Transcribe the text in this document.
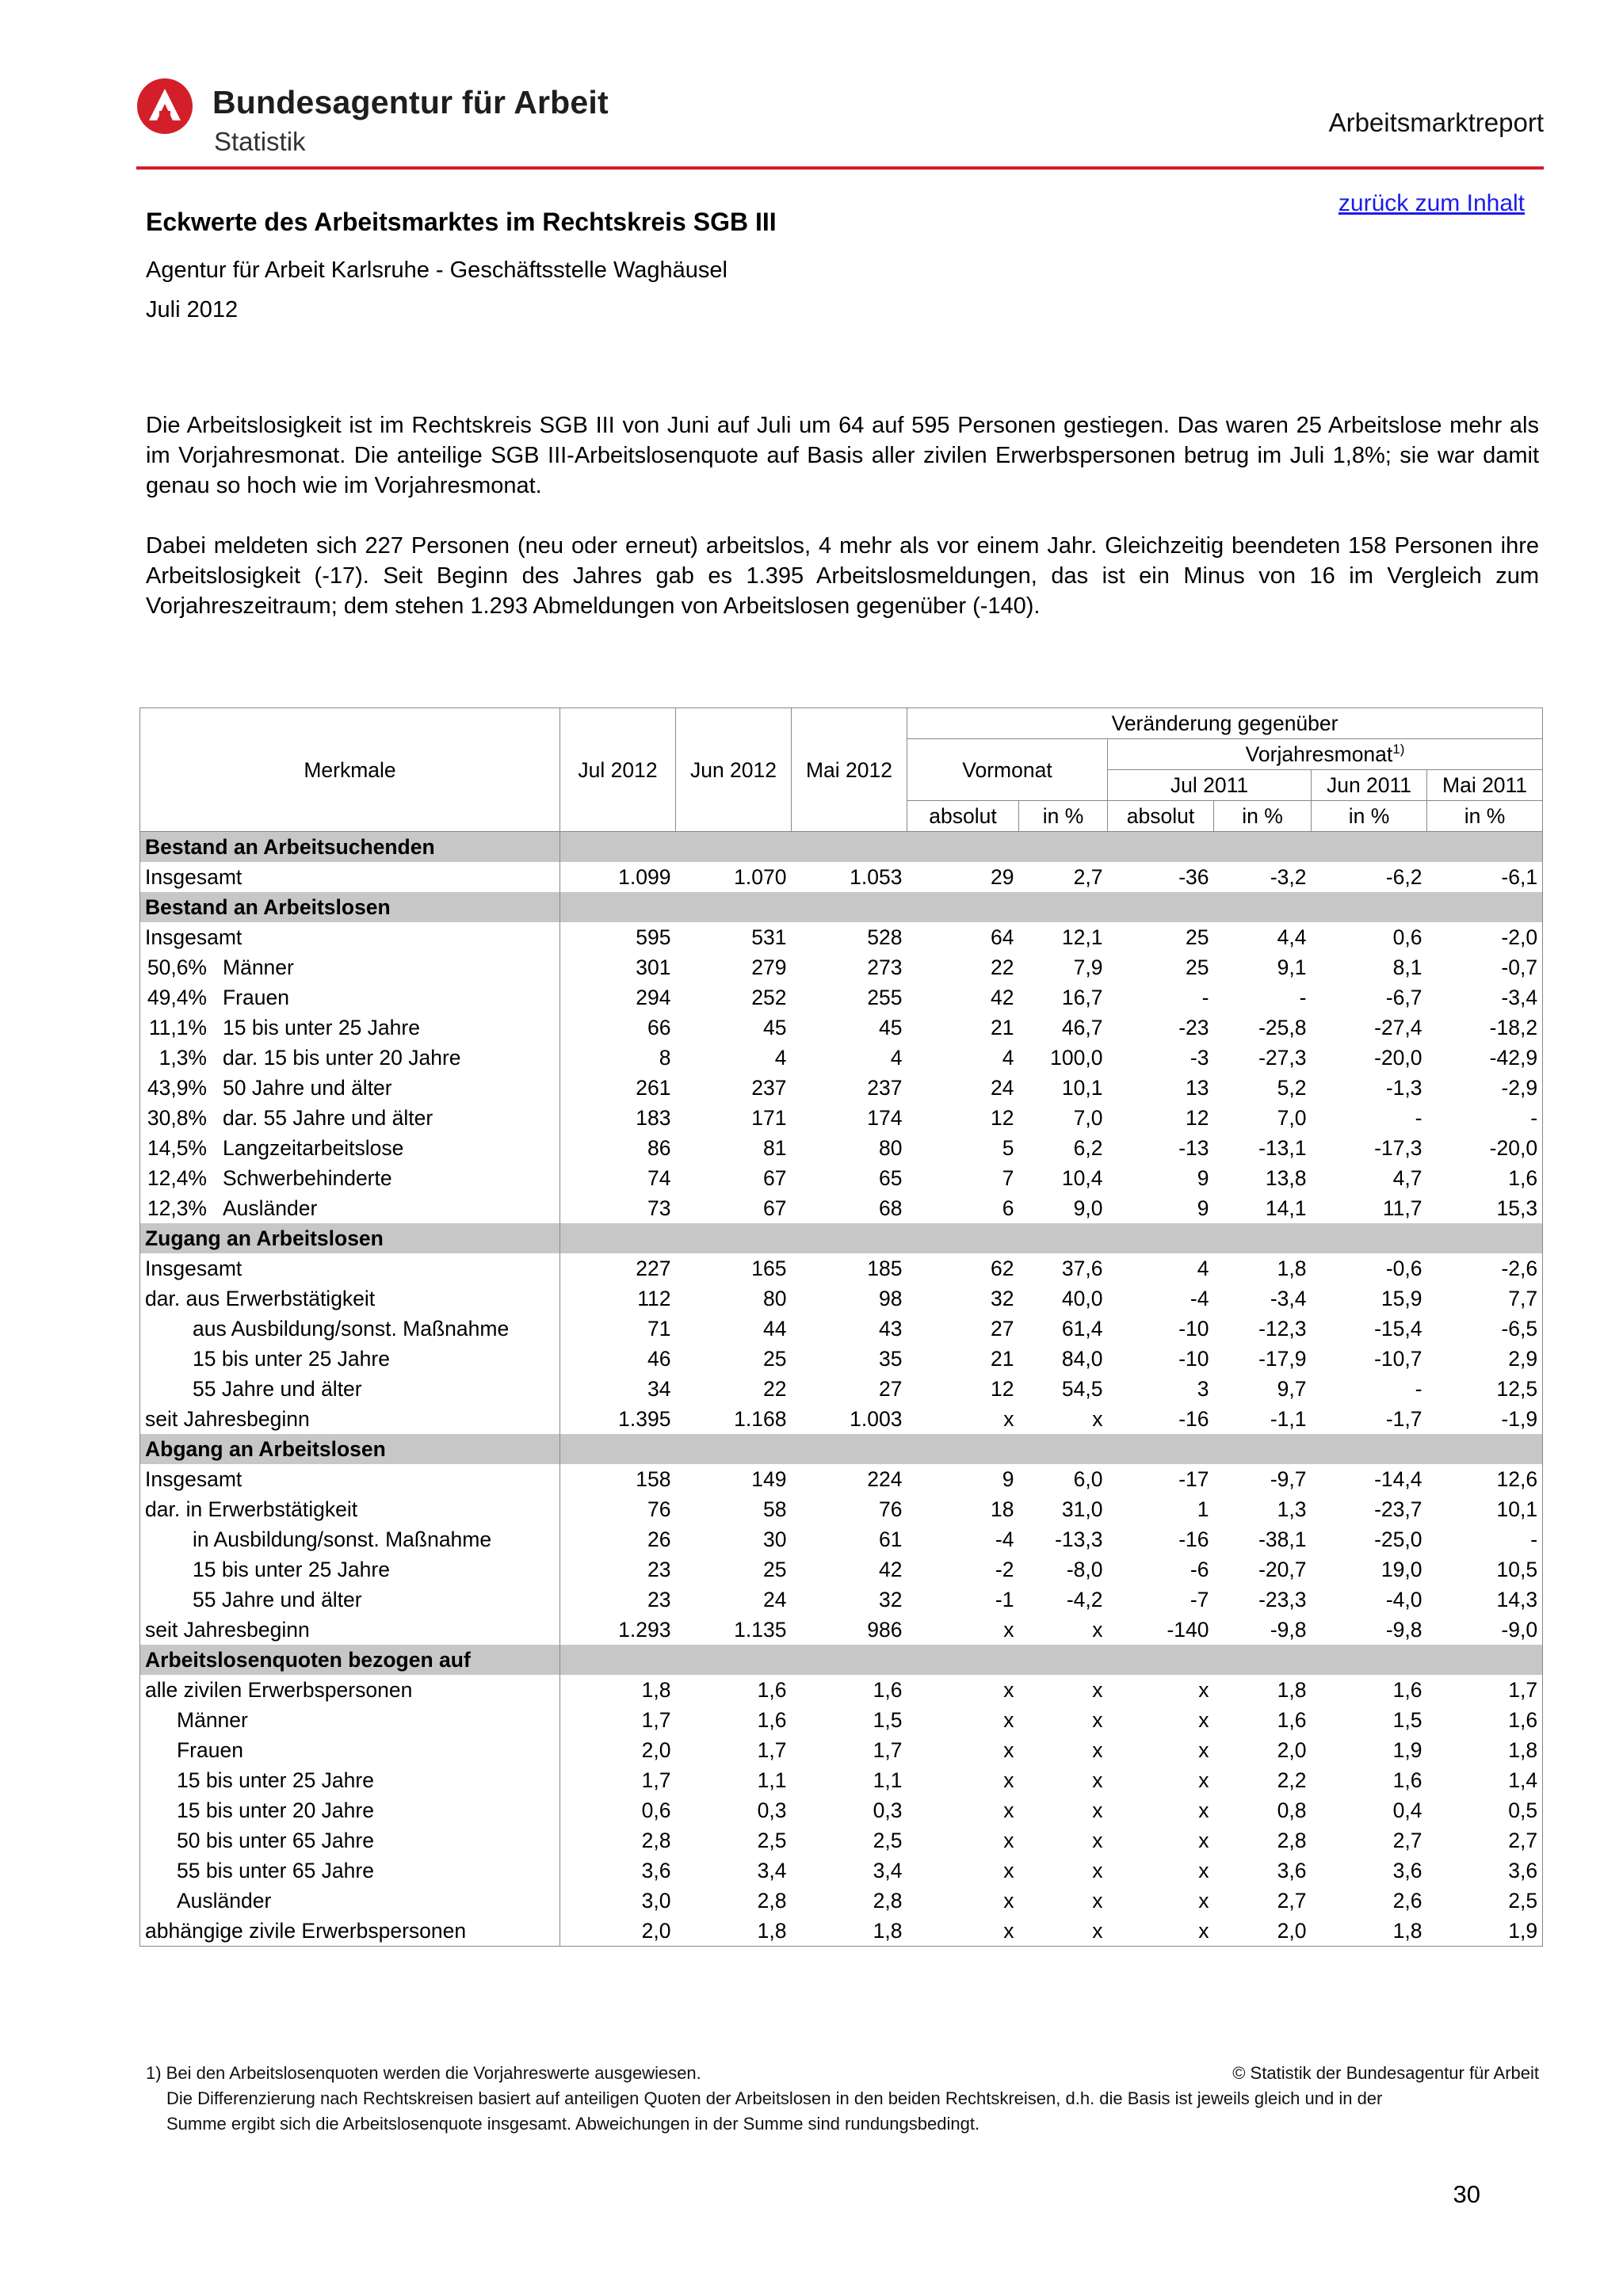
Bundesagentur für Arbeit
Statistik
Arbeitsmarktreport
zurück zum Inhalt
Eckwerte des Arbeitsmarktes im Rechtskreis SGB III
Agentur für Arbeit Karlsruhe - Geschäftsstelle Waghäusel
Juli 2012
Die Arbeitslosigkeit ist im Rechtskreis SGB III von Juni auf Juli um 64 auf 595 Personen gestiegen. Das waren 25 Arbeitslose mehr als im Vorjahresmonat. Die anteilige SGB III-Arbeitslosenquote auf Basis aller zivilen Erwerbspersonen betrug im Juli 1,8%; sie war damit genau so hoch wie im Vorjahresmonat.
Dabei meldeten sich 227 Personen (neu oder erneut) arbeitslos, 4 mehr als vor einem Jahr. Gleichzeitig beendeten 158 Personen ihre Arbeitslosigkeit (-17). Seit Beginn des Jahres gab es 1.395 Arbeitslosmeldungen, das ist ein Minus von 16 im Vergleich zum Vorjahreszeitraum; dem stehen 1.293 Abmeldungen von Arbeitslosen gegenüber (-140).
Merkmale	Jul 2012	Jun 2012	Mai 2012	Veränderung gegenüber					
				Vormonat		Vorjahresmonat$^{1)}$
						Jul 2011		Jun 2011	Mai 2011
				absolut	in %	absolut	in %	in %	in %
Bestand an Arbeitsuchenden									
Insgesamt	1.099	1.070	1.053	29	2,7	-36	-3,2	-6,2	-6,1
Bestand an Arbeitslosen									
Insgesamt	595	531	528	64	12,1	25	4,4	0,6	-2,0
50,6% Männer	301	279	273	22	7,9	25	9,1	8,1	-0,7
49,4% Frauen	294	252	255	42	16,7	-	-	-6,7	-3,4
11,1% 15 bis unter 25 Jahre	66	45	45	21	46,7	-23	-25,8	-27,4	-18,2
1,3% dar. 15 bis unter 20 Jahre	8	4	4	4	100,0	-3	-27,3	-20,0	-42,9
43,9% 50 Jahre und älter	261	237	237	24	10,1	13	5,2	-1,3	-2,9
30,8% dar. 55 Jahre und älter	183	171	174	12	7,0	12	7,0	-	-
14,5% Langzeitarbeitslose	86	81	80	5	6,2	-13	-13,1	-17,3	-20,0
12,4% Schwerbehinderte	74	67	65	7	10,4	9	13,8	4,7	1,6
12,3% Ausländer	73	67	68	6	9,0	9	14,1	11,7	15,3
Zugang an Arbeitslosen									
Insgesamt	227	165	185	62	37,6	4	1,8	-0,6	-2,6
dar. aus Erwerbstätigkeit	112	80	98	32	40,0	-4	-3,4	15,9	7,7
aus Ausbildung/sonst. Maßnahme	71	44	43	27	61,4	-10	-12,3	-15,4	-6,5
15 bis unter 25 Jahre	46	25	35	21	84,0	-10	-17,9	-10,7	2,9
55 Jahre und älter	34	22	27	12	54,5	3	9,7	-	12,5
seit Jahresbeginn	1.395	1.168	1.003	x	x	-16	-1,1	-1,7	-1,9
Abgang an Arbeitslosen									
Insgesamt	158	149	224	9	6,0	-17	-9,7	-14,4	12,6
dar. in Erwerbstätigkeit	76	58	76	18	31,0	1	1,3	-23,7	10,1
in Ausbildung/sonst. Maßnahme	26	30	61	-4	-13,3	-16	-38,1	-25,0	-
15 bis unter 25 Jahre	23	25	42	-2	-8,0	-6	-20,7	19,0	10,5
55 Jahre und älter	23	24	32	-1	-4,2	-7	-23,3	-4,0	14,3
seit Jahresbeginn	1.293	1.135	986	x	x	-140	-9,8	-9,8	-9,0
Arbeitslosenquoten bezogen auf									
alle zivilen Erwerbspersonen	1,8	1,6	1,6	x	x	x	1,8	1,6	1,7
Männer	1,7	1,6	1,5	x	x	x	1,6	1,5	1,6
Frauen	2,0	1,7	1,7	x	x	x	2,0	1,9	1,8
15 bis unter 25 Jahre	1,7	1,1	1,1	x	x	x	2,2	1,6	1,4
15 bis unter 20 Jahre	0,6	0,3	0,3	x	x	x	0,8	0,4	0,5
50 bis unter 65 Jahre	2,8	2,5	2,5	x	x	x	2,8	2,7	2,7
55 bis unter 65 Jahre	3,6	3,4	3,4	x	x	x	3,6	3,6	3,6
Ausländer	3,0	2,8	2,8	x	x	x	2,7	2,6	2,5
abhängige zivile Erwerbspersonen	2,0	1,8	1,8	x	x	x	2,0	1,8	1,9
1) Bei den Arbeitslosenquoten werden die Vorjahreswerte ausgewiesen.	© Statistik der Bundesagentur für Arbeit
Die Differenzierung nach Rechtskreisen basiert auf anteiligen Quoten der Arbeitslosen in den beiden Rechtskreisen, d.h. die Basis ist jeweils gleich und in der
Summe ergibt sich die Arbeitslosenquote insgesamt. Abweichungen in der Summe sind rundungsbedingt.
30
